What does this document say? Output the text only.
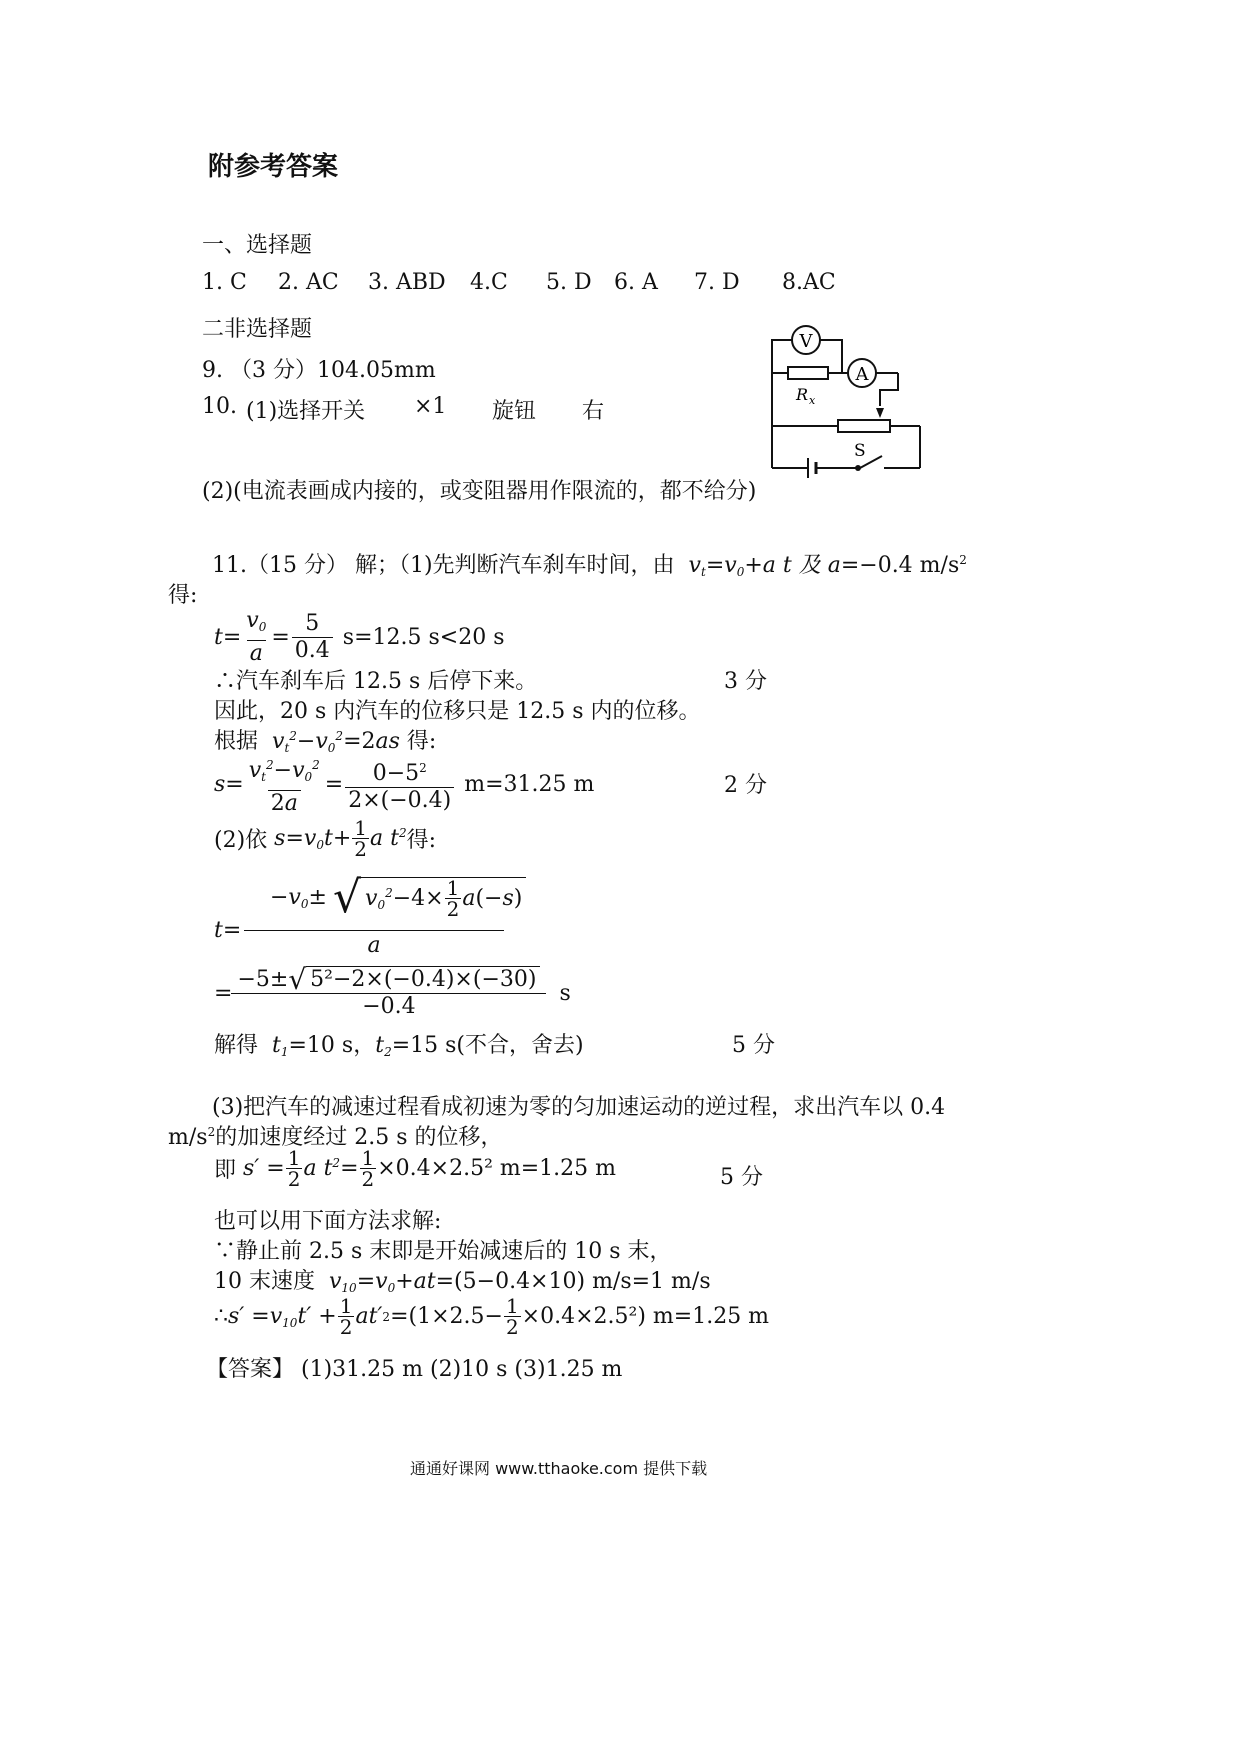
附参考答案
一、选择题
1. C 2. AC 3. ABD 4.C 5. D 6. A 7. D 8.AC
二非选择题
9. （3 分）104.05mm
10. (1)选择开关 ×1 旋钮 右
(2)(电流表画成内接的，或变阻器用作限流的，都不给分)
V
A
R x
S
11.（15 分） 解；（1)先判断汽车刹车时间，由  $v_t=v_0+a$ t 及 a=−0.4 $m/s^2$
得:
$t = \frac{v_0}{a} = \frac{5}{0.4} s=12.5$ s<20 s
∴汽车刹车后 12.5 s 后停下来。	3 分
因此，20 s 内汽车的位移只是 12.5 s 内的位移。
根据  $v_t^2-v_0^2=2as$ 得:
$s = \frac{v_t^2-v_0^2}{2a} = \frac{0-5^2}{2\times(-0.4)} m=31.25$ m	2 分
(2)依 $s = v_0t + \frac{1}{2}$ a $t^2$ 得:
t=
$-v_0\pm$ √ $v_0^2 -4\times \frac{1}{2}$ a ( −s )
a
= $\frac{\text{−5± √ 5²−2×(−0.4)×(−30)}}{-0.4}$ s
解得  $t_1=10$ s，$t_2=15$ s(不合，舍去)	5 分
(3)把汽车的减速过程看成初速为零的匀加速运动的逆过程，求出汽车以 0.4
$m/s^2$的加速度经过 2.5 s 的位移，
即 $s' = \frac{1}{2}$ a $t^2 = \frac{1}{2} \times 0.4\times 2.5^2$ m=1.25 m	5 分
也可以用下面方法求解:
∵静止前 2.5 s 末即是开始减速后的 10 s 末，
10 末速度  $v_{10}=v_0+at=(5-0.4\times 10)$ m/s=1 m/s
∴ $s' = v_{10}t' + \frac{1}{2} at'$ $2 =(1\times 2.5- \frac{1}{2} \times 0.4\times 2.5^2)$ m=1.25 m
【答案】 (1)31.25 m (2)10 s (3)1.25 m
通通好课网 www.tthaoke.com 提供下载
